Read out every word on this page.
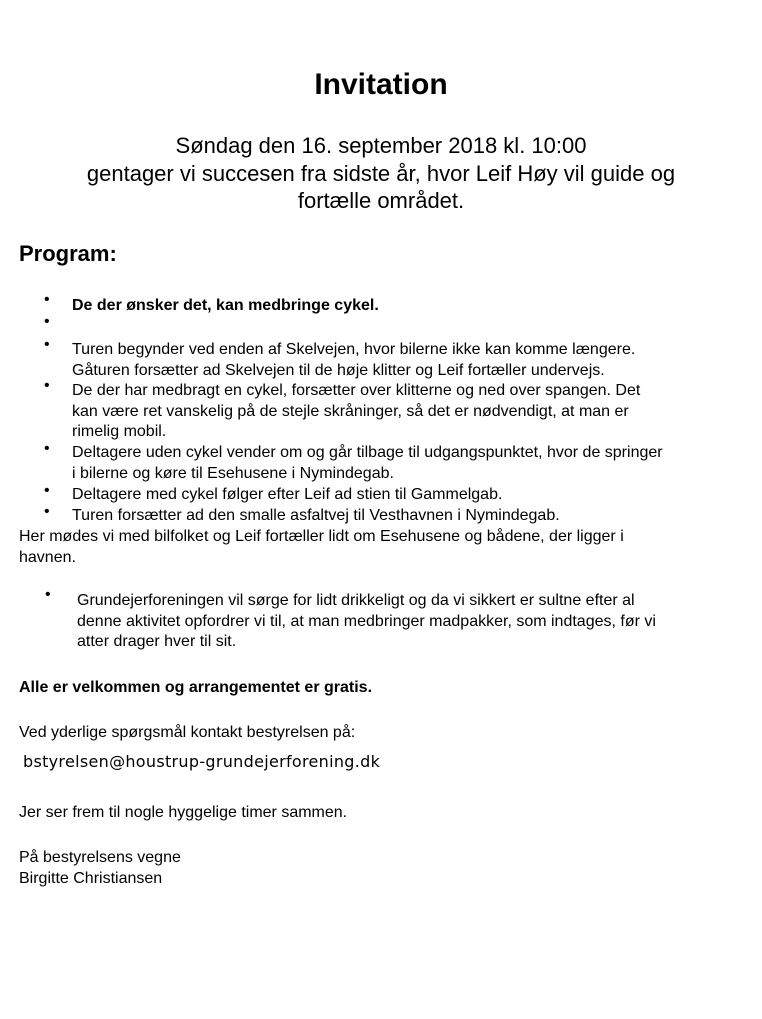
Invitation
Søndag den 16. september 2018 kl. 10:00
gentager vi succesen fra sidste år, hvor Leif Høy vil guide og
fortælle området.
Program:
• De der ønsker det, kan medbringe cykel.
•
• Turen begynder ved enden af Skelvejen, hvor bilerne ikke kan komme længere.
Gåturen forsætter ad Skelvejen til de høje klitter og Leif fortæller undervejs.
• De der har medbragt en cykel, forsætter over klitterne og ned over spangen. Det
kan være ret vanskelig på de stejle skråninger, så det er nødvendigt, at man er
rimelig mobil.
• Deltagere uden cykel vender om og går tilbage til udgangspunktet, hvor de springer
i bilerne og køre til Esehusene i Nymindegab.
• Deltagere med cykel følger efter Leif ad stien til Gammelgab.
• Turen forsætter ad den smalle asfaltvej til Vesthavnen i Nymindegab.
Her mødes vi med bilfolket og Leif fortæller lidt om Esehusene og bådene, der ligger i
havnen.
• Grundejerforeningen vil sørge for lidt drikkeligt og da vi sikkert er sultne efter al
denne aktivitet opfordrer vi til, at man medbringer madpakker, som indtages, før vi
atter drager hver til sit.
Alle er velkommen og arrangementet er gratis.
Ved yderlige spørgsmål kontakt bestyrelsen på:
bstyrelsen@houstrup-grundejerforening.dk
Jer ser frem til nogle hyggelige timer sammen.
På bestyrelsens vegne
Birgitte Christiansen
